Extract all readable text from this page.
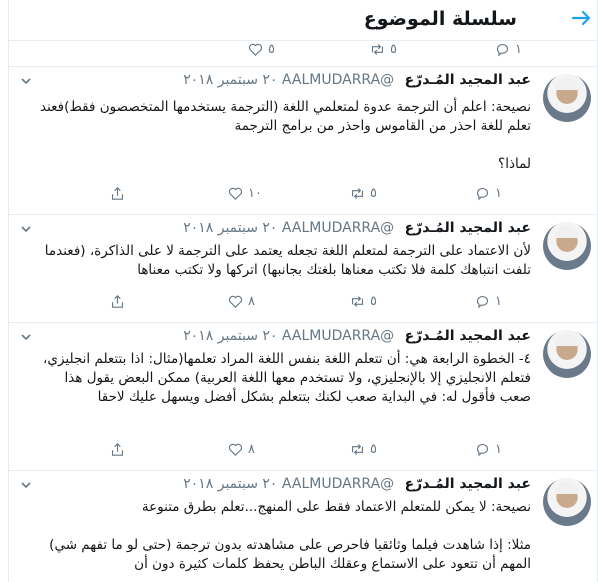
سلسلة الموضوع
٥	٥	١
عبد المجيد المُـدرّع @AALMUDARRA ٢٠ سبتمبر ٢٠١٨
نصيحة: اعلم أن الترجمة عدوة لمتعلمي اللغة (الترجمة يستخدمها المتخصصون فقط)فعند تعلم للغة احذر من القاموس واحذر من برامج الترجمة

لماذا؟
١٠	٥	١
عبد المجيد المُـدرّع @AALMUDARRA ٢٠ سبتمبر ٢٠١٨
لأن الاعتماد على الترجمة لمتعلم اللغة تجعله يعتمد على الترجمة لا على الذاكرة، (فعندما تلفت انتباهك كلمة فلا تكتب معناها بلغتك بجانبها) اتركها ولا تكتب معناها
٨	٥	١
عبد المجيد المُـدرّع @AALMUDARRA ٢٠ سبتمبر ٢٠١٨
٤- الخطوة الرابعة هي: أن تتعلم اللغة بنفس اللغة المراد تعلمها(مثال: اذا بتتعلم انجليزي، فتعلم الانجليزي إلا بالإنجليزي، ولا تستخدم معها اللغة العربية) ممكن البعض يقول هذا صعب فأقول له: في البداية صعب لكنك بتتعلم بشكل أفضل ويسهل عليك لاحقا
٨	٥	١
عبد المجيد المُـدرّع @AALMUDARRA ٢٠ سبتمبر ٢٠١٨
نصيحة: لا يمكن للمتعلم الاعتماد فقط على المنهج...تعلم بطرق متنوعة

مثلا: إذا شاهدت فيلما وثائقيا فاحرص على مشاهدته بدون ترجمة (حتى لو ما تفهم شي) المهم أن تتعود على الاستماع وعقلك الباطن يحفظ كلمات كثيرة دون أن
